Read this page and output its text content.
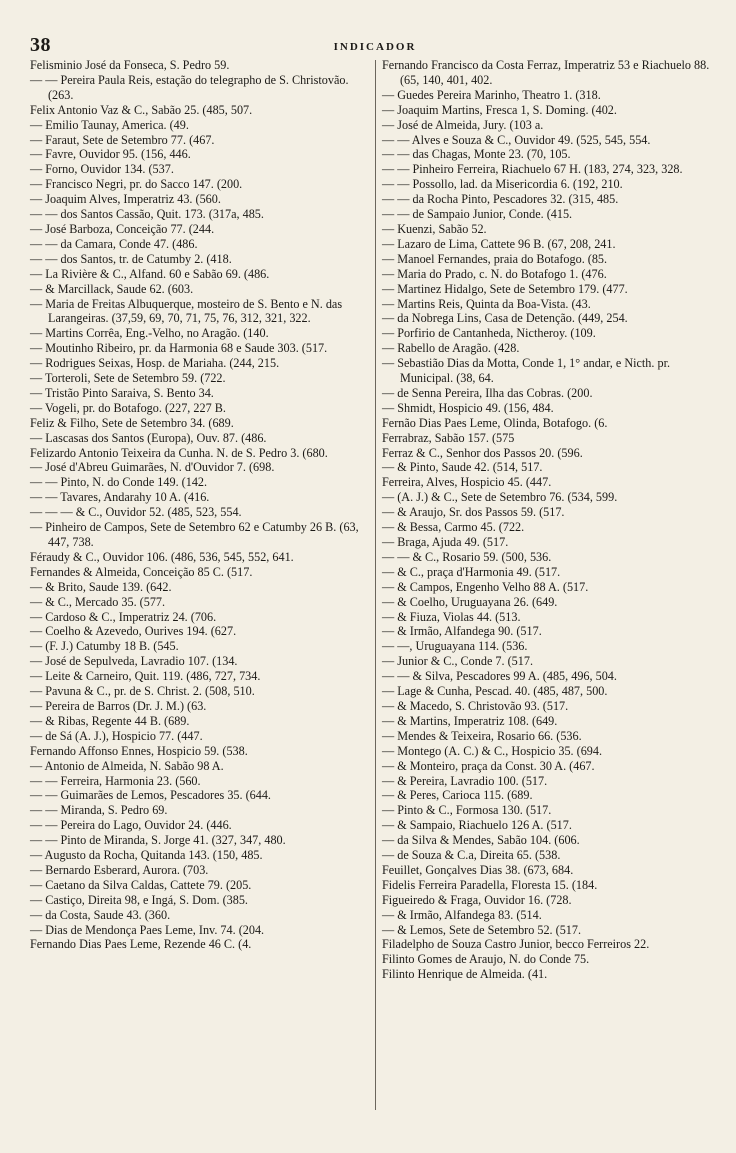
38	INDICADOR
Felisminio José da Fonseca, S. Pedro 59.
— — Pereira Paula Reis, estação do telegrapho de S. Christovão. (263.
Felix Antonio Vaz & C., Sabão 25. (485, 507.
— Emilio Taunay, America. (49.
— Faraut, Sete de Setembro 77. (467.
— Favre, Ouvidor 95. (156, 446.
— Forno, Ouvidor 134. (537.
— Francisco Negri, pr. do Sacco 147. (200.
— Joaquim Alves, Imperatriz 43. (560.
— — dos Santos Cassão, Quit. 173. (317a, 485.
— José Barboza, Conceição 77. (244.
— — da Camara, Conde 47. (486.
— — dos Santos, tr. de Catumby 2. (418.
— La Rivière & C., Alfand. 60 e Sabão 69. (486.
— & Marcillack, Saude 62. (603.
— Maria de Freitas Albuquerque, mosteiro de S. Bento e N. das Larangeiras. (37,59, 69, 70, 71, 75, 76, 312, 321, 322.
— Martins Corrêa, Eng.-Velho, no Aragão. (140.
— Moutinho Ribeiro, pr. da Harmonia 68 e Saude 303. (517.
— Rodrigues Seixas, Hosp. de Mariaha. (244, 215.
— Torteroli, Sete de Setembro 59. (722.
— Tristão Pinto Saraiva, S. Bento 34.
— Vogeli, pr. do Botafogo. (227, 227 B.
Feliz & Filho, Sete de Setembro 34. (689.
— Lascasas dos Santos (Europa), Ouv. 87. (486.
Felizardo Antonio Teixeira da Cunha. N. de S. Pedro 3. (680.
— José d'Abreu Guimarães, N. d'Ouvidor 7. (698.
— — Pinto, N. do Conde 149. (142.
— — Tavares, Andarahy 10 A. (416.
— — — & C., Ouvidor 52. (485, 523, 554.
— Pinheiro de Campos, Sete de Setembro 62 e Catumby 26 B. (63, 447, 738.
Féraudy & C., Ouvidor 106. (486, 536, 545, 552, 641.
Fernandes & Almeida, Conceição 85 C. (517.
— & Brito, Saude 139. (642.
— & C., Mercado 35. (577.
— Cardoso & C., Imperatriz 24. (706.
— Coelho & Azevedo, Ourives 194. (627.
— (F. J.) Catumby 18 B. (545.
— José de Sepulveda, Lavradio 107. (134.
— Leite & Carneiro, Quit. 119. (486, 727, 734.
— Pavuna & C., pr. de S. Christ. 2. (508, 510.
— Pereira de Barros (Dr. J. M.) (63.
— & Ribas, Regente 44 B. (689.
— de Sá (A. J.), Hospicio 77. (447.
Fernando Affonso Ennes, Hospicio 59. (538.
— Antonio de Almeida, N. Sabão 98 A.
— — Ferreira, Harmonia 23. (560.
— — Guimarães de Lemos, Pescadores 35. (644.
— — Miranda, S. Pedro 69.
— — Pereira do Lago, Ouvidor 24. (446.
— — Pinto de Miranda, S. Jorge 41. (327, 347, 480.
— Augusto da Rocha, Quitanda 143. (150, 485.
— Bernardo Esberard, Aurora. (703.
— Caetano da Silva Caldas, Cattete 79. (205.
— Castiço, Direita 98, e Ingá, S. Dom. (385.
— da Costa, Saude 43. (360.
— Dias de Mendonça Paes Leme, Inv. 74. (204.
Fernando Dias Paes Leme, Rezende 46 C. (4.
Fernando Francisco da Costa Ferraz, Imperatriz 53 e Riachuelo 88. (65, 140, 401, 402.
— Guedes Pereira Marinho, Theatro 1. (318.
— Joaquim Martins, Fresca 1, S. Doming. (402.
— José de Almeida, Jury. (103 a.
— — Alves e Souza & C., Ouvidor 49. (525, 545, 554.
— — das Chagas, Monte 23. (70, 105.
— — Pinheiro Ferreira, Riachuelo 67 H. (183, 274, 323, 328.
— — Possollo, lad. da Misericordia 6. (192, 210.
— — da Rocha Pinto, Pescadores 32. (315, 485.
— — de Sampaio Junior, Conde. (415.
— Kuenzi, Sabão 52.
— Lazaro de Lima, Cattete 96 B. (67, 208, 241.
— Manoel Fernandes, praia do Botafogo. (85.
— Maria do Prado, c. N. do Botafogo 1. (476.
— Martinez Hidalgo, Sete de Setembro 179. (477.
— Martins Reis, Quinta da Boa-Vista. (43.
— da Nobrega Lins, Casa de Detenção. (449, 254.
— Porfirio de Cantanheda, Nictheroy. (109.
— Rabello de Aragão. (428.
— Sebastião Dias da Motta, Conde 1, 1° andar, e Nicth. pr. Municipal. (38, 64.
— de Senna Pereira, Ilha das Cobras. (200.
— Shmidt, Hospicio 49. (156, 484.
Fernão Dias Paes Leme, Olinda, Botafogo. (6.
Ferrabraz, Sabão 157. (575
Ferraz & C., Senhor dos Passos 20. (596.
— & Pinto, Saude 42. (514, 517.
Ferreira, Alves, Hospicio 45. (447.
— (A. J.) & C., Sete de Setembro 76. (534, 599.
— & Araujo, Sr. dos Passos 59. (517.
— & Bessa, Carmo 45. (722.
— Braga, Ajuda 49. (517.
— — & C., Rosario 59. (500, 536.
— & C., praça d'Harmonia 49. (517.
— & Campos, Engenho Velho 88 A. (517.
— & Coelho, Uruguayana 26. (649.
— & Fiuza, Violas 44. (513.
— & Irmão, Alfandega 90. (517.
— —, Uruguayana 114. (536.
— Junior & C., Conde 7. (517.
— — & Silva, Pescadores 99 A. (485, 496, 504.
— Lage & Cunha, Pescad. 40. (485, 487, 500.
— & Macedo, S. Christovão 93. (517.
— & Martins, Imperatriz 108. (649.
— Mendes & Teixeira, Rosario 66. (536.
— Montego (A. C.) & C., Hospicio 35. (694.
— & Monteiro, praça da Const. 30 A. (467.
— & Pereira, Lavradio 100. (517.
— & Peres, Carioca 115. (689.
— Pinto & C., Formosa 130. (517.
— & Sampaio, Riachuelo 126 A. (517.
— da Silva & Mendes, Sabão 104. (606.
— de Souza & C.a, Direita 65. (538.
Feuillet, Gonçalves Dias 38. (673, 684.
Fidelis Ferreira Paradella, Floresta 15. (184.
Figueiredo & Fraga, Ouvidor 16. (728.
— & Irmão, Alfandega 83. (514.
— & Lemos, Sete de Setembro 52. (517.
Filadelpho de Souza Castro Junior, becco Ferreiros 22.
Filinto Gomes de Araujo, N. do Conde 75.
Filinto Henrique de Almeida. (41.
